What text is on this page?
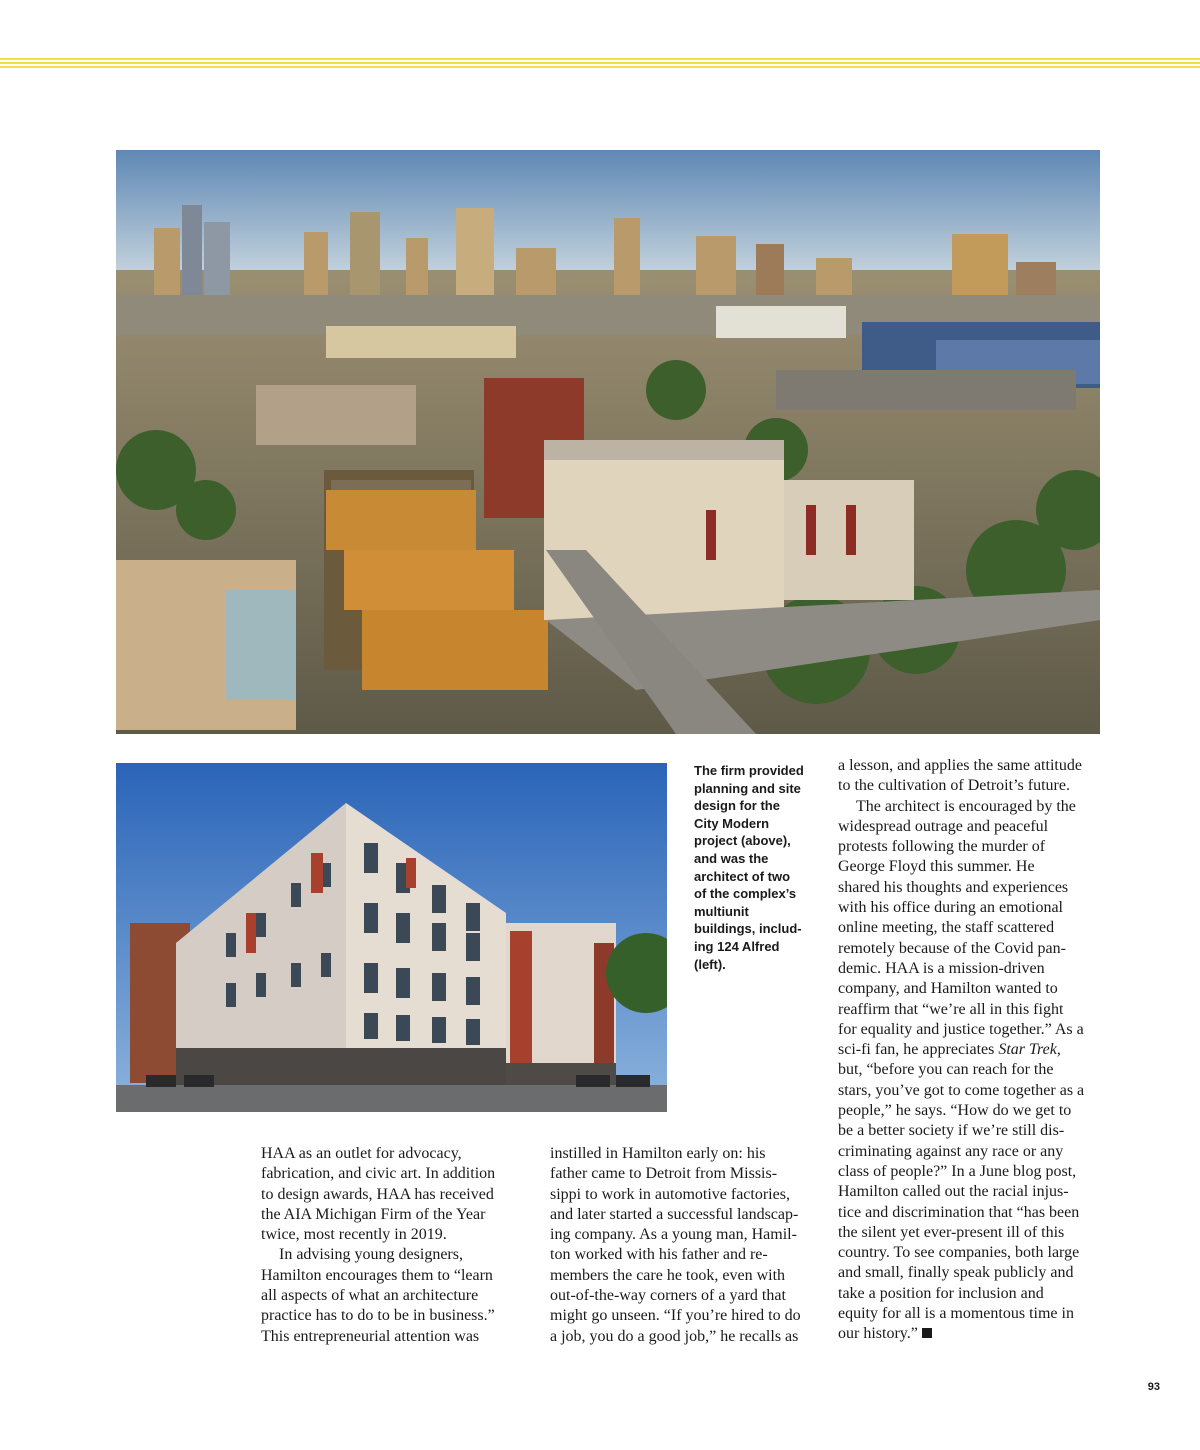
The firm provided
planning and site
design for the
City Modern
project (above),
and was the
architect of two
of the complex’s
multiunit
buildings, includ-
ing 124 Alfred
(left).

HAA as an outlet for advocacy,

fabrication, and civic art. In addition

to design awards, HAA has received

the AIA Michigan Firm of the Year

twice, most recently in 2019.

In advising young designers,

Hamilton encourages them to “learn

all aspects of what an architecture

practice has to do to be in business.”

This entrepreneurial attention was

instilled in Hamilton early on: his

father came to Detroit from Missis-

sippi to work in automotive factories,

and later started a successful landscap-

ing company. As a young man, Hamil-

ton worked with his father and re-

members the care he took, even with

out-of-the-way corners of a yard that

might go unseen. “If you’re hired to do

a job, you do a good job,” he recalls as

a lesson, and applies the same attitude

to the cultivation of Detroit’s future.

The architect is encouraged by the

widespread outrage and peaceful

protests following the murder of

George Floyd this summer. He

shared his thoughts and experiences

with his office during an emotional

online meeting, the staff scattered

remotely because of the Covid pan-

demic. HAA is a mission-driven

company, and Hamilton wanted to

reaffirm that “we’re all in this fight

for equality and justice together.” As a

sci-fi fan, he appreciates Star Trek,

but, “before you can reach for the

stars, you’ve got to come together as a

people,” he says. “How do we get to

be a better society if we’re still dis-

criminating against any race or any

class of people?” In a June blog post,

Hamilton called out the racial injus-

tice and discrimination that “has been

the silent yet ever-present ill of this

country. To see companies, both large

and small, finally speak publicly and

take a position for inclusion and

equity for all is a momentous time in

our history.”

93
